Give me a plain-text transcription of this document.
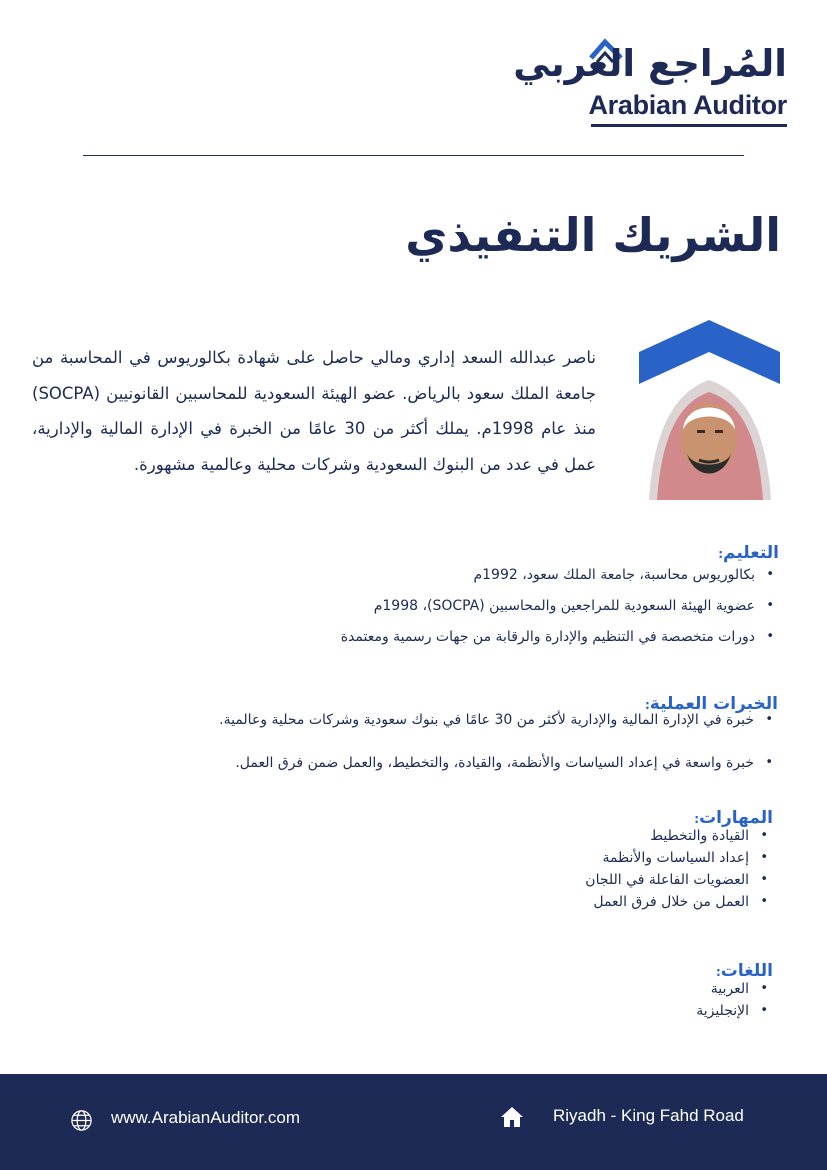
المُراجع العربي
Arabian Auditor
الشريك التنفيذي
ناصر عبدالله السعد إداري ومالي حاصل على شهادة بكالوريوس في المحاسبة من جامعة الملك سعود بالرياض. عضو الهيئة السعودية للمحاسبين القانونيين (SOCPA) منذ عام 1998م. يملك أكثر من 30 عامًا من الخبرة في الإدارة المالية والإدارية، عمل في عدد من البنوك السعودية وشركات محلية وعالمية مشهورة.
التعليم:
• بكالوريوس محاسبة، جامعة الملك سعود، 1992م
• عضوية الهيئة السعودية للمراجعين والمحاسبين (SOCPA)، 1998م
• دورات متخصصة في التنظيم والإدارة والرقابة من جهات رسمية ومعتمدة
الخبرات العملية:
• خبرة في الإدارة المالية والإدارية لأكثر من 30 عامًا في بنوك سعودية وشركات محلية وعالمية.
• خبرة واسعة في إعداد السياسات والأنظمة، والقيادة، والتخطيط، والعمل ضمن فرق العمل.
المهارات:
• القيادة والتخطيط
• إعداد السياسات والأنظمة
• العضويات الفاعلة في اللجان
• العمل من خلال فرق العمل
اللغات:
• العربية
• الإنجليزية
www.ArabianAuditor.com	Riyadh - King Fahd Road
